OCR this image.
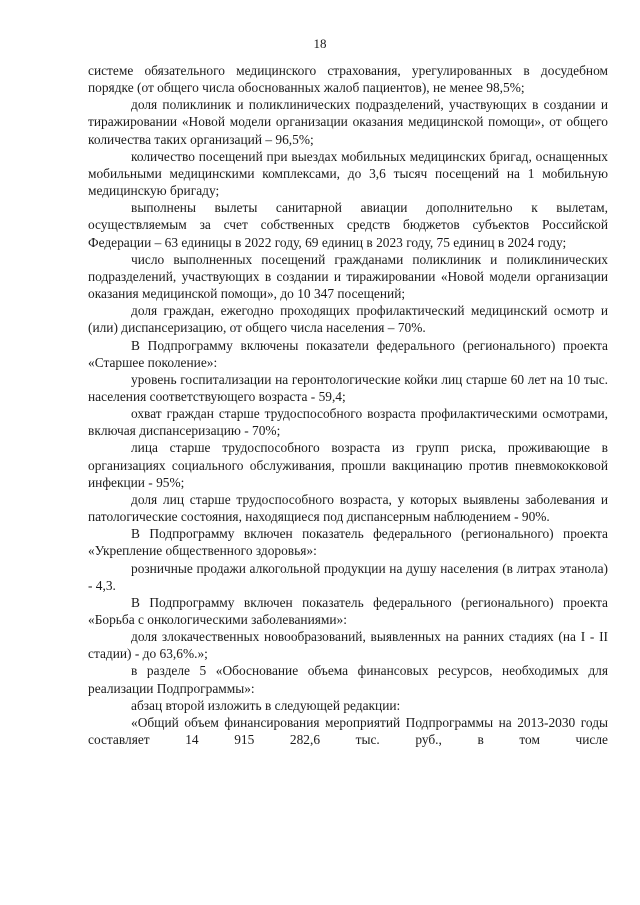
18

системе обязательного медицинского страхования, урегулированных в досудебном порядке (от общего числа обоснованных жалоб пациентов), не менее 98,5%;

доля поликлиник и поликлинических подразделений, участвующих в создании и тиражировании «Новой модели организации оказания медицинской помощи», от общего количества таких организаций – 96,5%;

количество посещений при выездах мобильных медицинских бригад, оснащенных мобильными медицинскими комплексами, до 3,6 тысяч посещений на 1 мобильную медицинскую бригаду;

выполнены вылеты санитарной авиации дополнительно к вылетам, осуществляемым за счет собственных средств бюджетов субъектов Российской Федерации – 63 единицы в 2022 году, 69 единиц в 2023 году, 75 единиц в 2024 году;

число выполненных посещений гражданами поликлиник и поликлинических подразделений, участвующих в создании и тиражировании «Новой модели организации оказания медицинской помощи», до 10 347 посещений;

доля граждан, ежегодно проходящих профилактический медицинский осмотр и (или) диспансеризацию, от общего числа населения – 70%.

В Подпрограмму включены показатели федерального (регионального) проекта «Старшее поколение»:

уровень госпитализации на геронтологические койки лиц старше 60 лет на 10 тыс. населения соответствующего возраста - 59,4;

охват граждан старше трудоспособного возраста профилактическими осмотрами, включая диспансеризацию - 70%;

лица старше трудоспособного возраста из групп риска, проживающие в организациях социального обслуживания, прошли вакцинацию против пневмококковой инфекции - 95%;

доля лиц старше трудоспособного возраста, у которых выявлены заболевания и патологические состояния, находящиеся под диспансерным наблюдением - 90%.

В Подпрограмму включен показатель федерального (регионального) проекта «Укрепление общественного здоровья»:

розничные продажи алкогольной продукции на душу населения (в литрах этанола) - 4,3.

В Подпрограмму включен показатель федерального (регионального) проекта «Борьба с онкологическими заболеваниями»:

доля злокачественных новообразований, выявленных на ранних стадиях (на I - II стадии) - до 63,6%.»;

в разделе 5 «Обоснование объема финансовых ресурсов, необходимых для реализации Подпрограммы»:

абзац второй изложить в следующей редакции:

«Общий объем финансирования мероприятий Подпрограммы на 2013-2030 годы составляет 14 915 282,6 тыс. руб., в том числе
